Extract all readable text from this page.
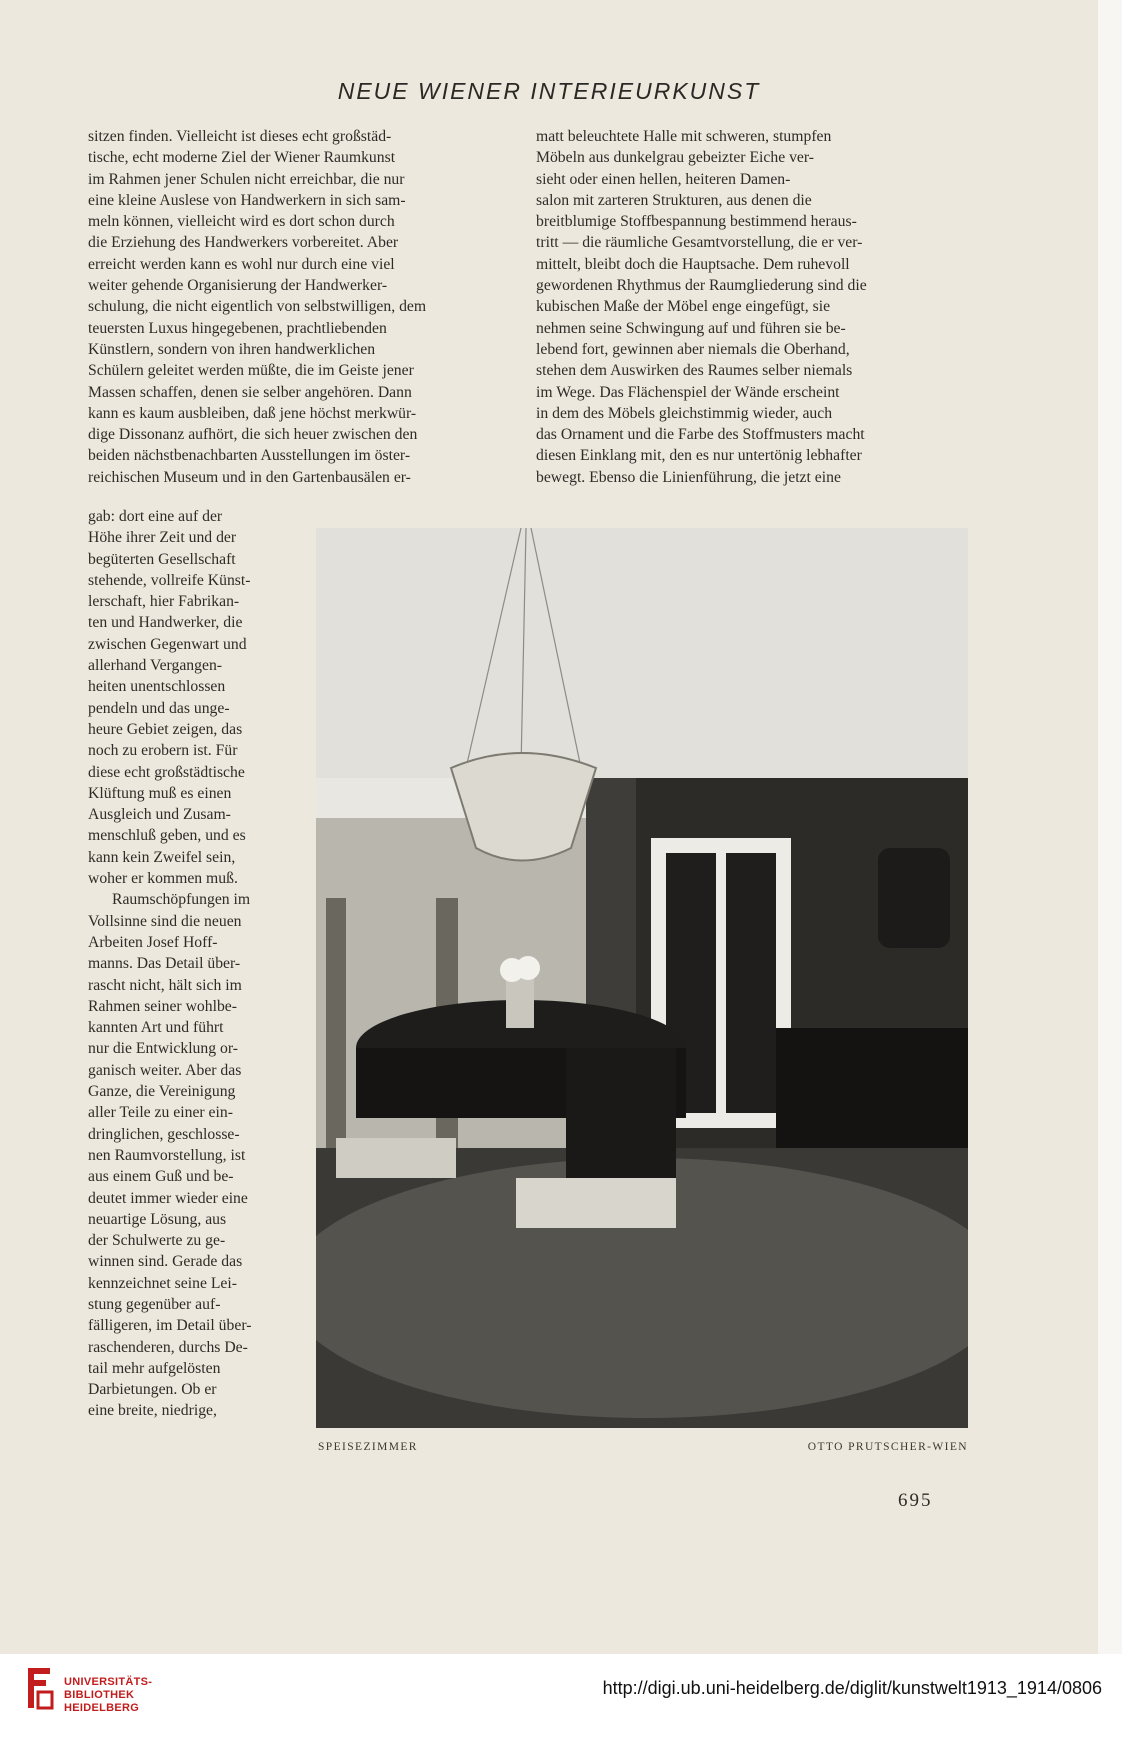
NEUE WIENER INTERIEURKUNST

sitzen finden. Vielleicht ist dieses echt großstäd-

tische, echt moderne Ziel der Wiener Raumkunst

im Rahmen jener Schulen nicht erreichbar, die nur

eine kleine Auslese von Handwerkern in sich sam-

meln können, vielleicht wird es dort schon durch

die Erziehung des Handwerkers vorbereitet. Aber

erreicht werden kann es wohl nur durch eine viel

weiter gehende Organisierung der Handwerker-

schulung, die nicht eigentlich von selbstwilligen, dem

teuersten Luxus hingegebenen, prachtliebenden

Künstlern, sondern von ihren handwerklichen

Schülern geleitet werden müßte, die im Geiste jener

Massen schaffen, denen sie selber angehören. Dann

kann es kaum ausbleiben, daß jene höchst merkwür-

dige Dissonanz aufhört, die sich heuer zwischen den

beiden nächstbenachbarten Ausstellungen im öster-

reichischen Museum und in den Gartenbausälen er-

matt beleuchtete Halle mit schweren, stumpfen

Möbeln aus dunkelgrau gebeizter Eiche ver-

sieht oder einen hellen, heiteren Damen-

salon mit zarteren Strukturen, aus denen die

breitblumige Stoffbespannung bestimmend heraus-

tritt — die räumliche Gesamtvorstellung, die er ver-

mittelt, bleibt doch die Hauptsache. Dem ruhevoll

gewordenen Rhythmus der Raumgliederung sind die

kubischen Maße der Möbel enge eingefügt, sie

nehmen seine Schwingung auf und führen sie be-

lebend fort, gewinnen aber niemals die Oberhand,

stehen dem Auswirken des Raumes selber niemals

im Wege. Das Flächenspiel der Wände erscheint

in dem des Möbels gleichstimmig wieder, auch

das Ornament und die Farbe des Stoffmusters macht

diesen Einklang mit, den es nur untertönig lebhafter

bewegt. Ebenso die Linienführung, die jetzt eine

gab: dort eine auf der

Höhe ihrer Zeit und der

begüterten Gesellschaft

stehende, vollreife Künst-

lerschaft, hier Fabrikan-

ten und Handwerker, die

zwischen Gegenwart und

allerhand Vergangen-

heiten unentschlossen

pendeln und das unge-

heure Gebiet zeigen, das

noch zu erobern ist. Für

diese echt großstädtische

Klüftung muß es einen

Ausgleich und Zusam-

menschluß geben, und es

kann kein Zweifel sein,

woher er kommen muß.

Raumschöpfungen im

Vollsinne sind die neuen

Arbeiten Josef Hoff-

manns. Das Detail über-

rascht nicht, hält sich im

Rahmen seiner wohlbe-

kannten Art und führt

nur die Entwicklung or-

ganisch weiter. Aber das

Ganze, die Vereinigung

aller Teile zu einer ein-

dringlichen, geschlosse-

nen Raumvorstellung, ist

aus einem Guß und be-

deutet immer wieder eine

neuartige Lösung, aus

der Schulwerte zu ge-

winnen sind. Gerade das

kennzeichnet seine Lei-

stung gegenüber auf-

fälligeren, im Detail über-

raschenderen, durchs De-

tail mehr aufgelösten

Darbietungen. Ob er

eine breite, niedrige,

SPEISEZIMMER	OTTO PRUTSCHER-WIEN
695
UNIVERSITÄTS-
BIBLIOTHEK
HEIDELBERG
http://digi.ub.uni-heidelberg.de/diglit/kunstwelt1913_1914/0806
